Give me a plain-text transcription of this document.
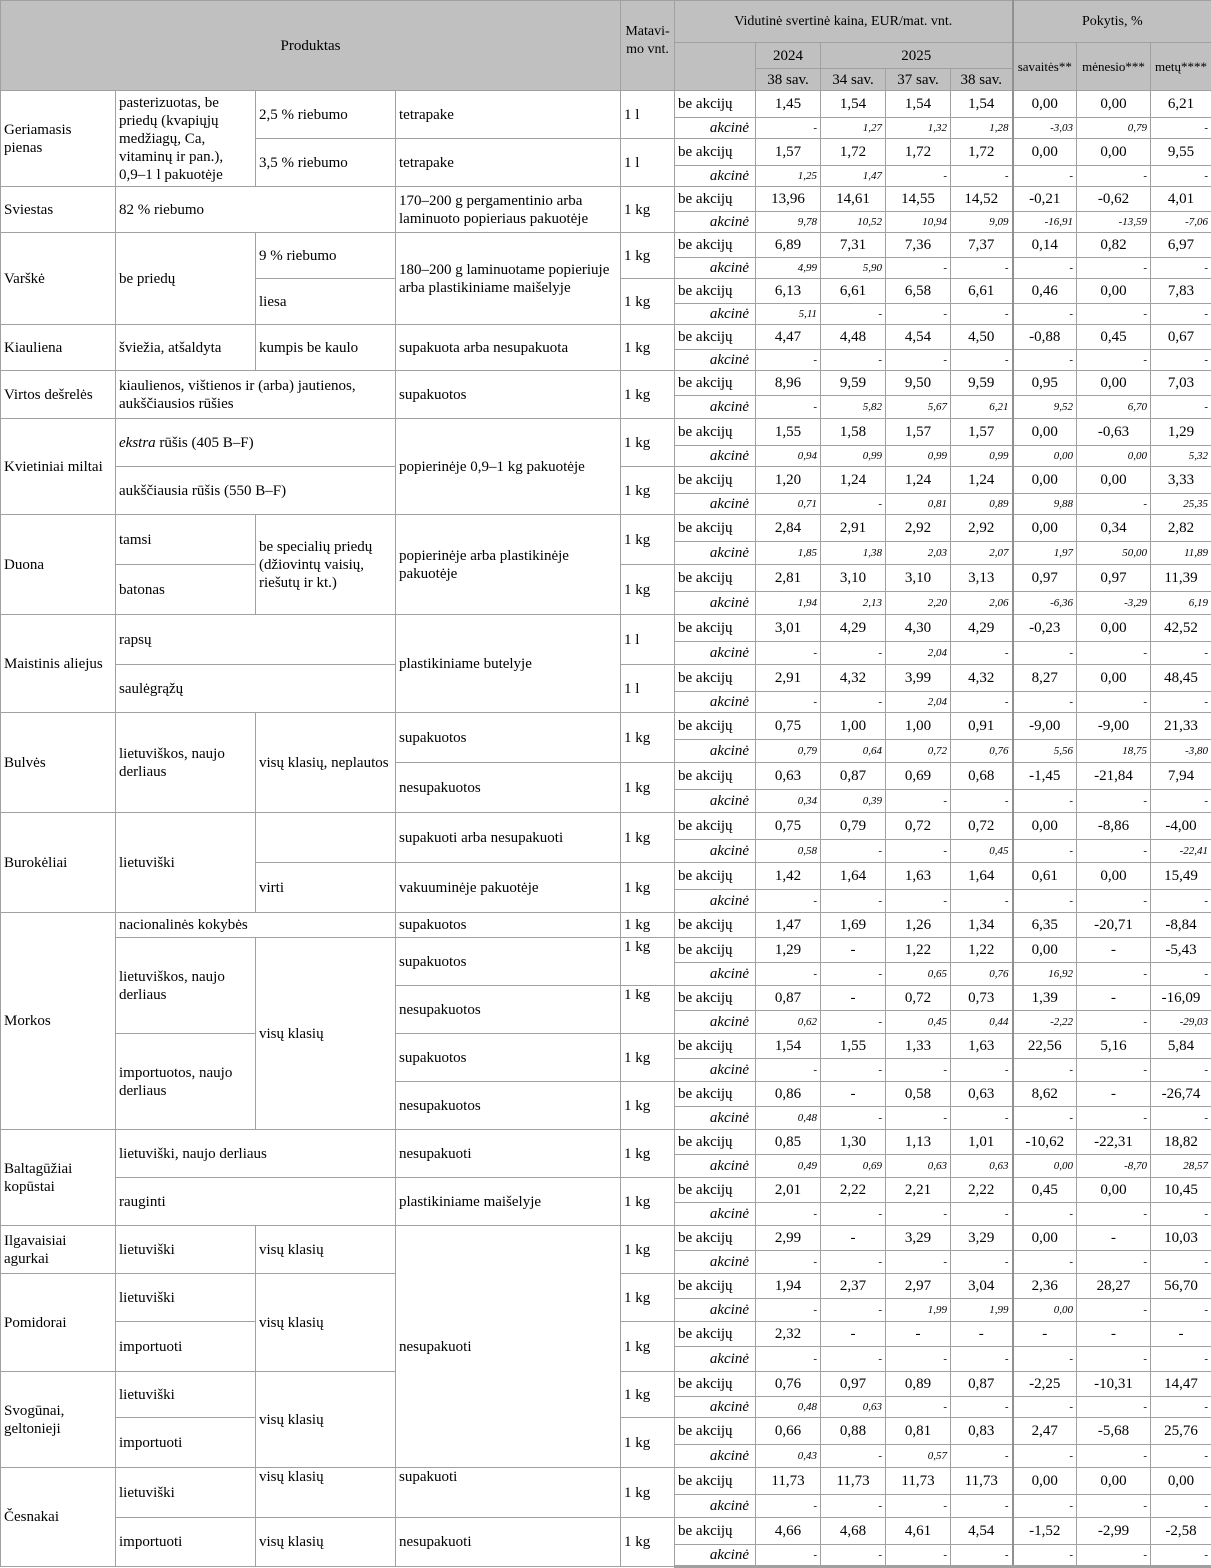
Produktas				Matavi-mo vnt.	Vidutinė svertinė kaina, EUR/mat. vnt.					Pokytis, %		
						2024	2025			savaitės**	mėnesio***	metų****
						38 sav.	34 sav.	37 sav.	38 sav.			
Geriamasis pienas	pasterizuotas, be priedų (kvapiųjų medžiagų, Ca, vitaminų ir pan.), 0,9–1 l pakuotėje	2,5 % riebumo	tetrapake	1 l	be akcijų	1,45	1,54	1,54	1,54	0,00	0,00	6,21
					akcinė	-	1,27	1,32	1,28	-3,03	0,79	-
		3,5 % riebumo	tetrapake	1 l	be akcijų	1,57	1,72	1,72	1,72	0,00	0,00	9,55
					akcinė	1,25	1,47	-	-	-	-	-
Sviestas	82 % riebumo		170–200 g pergamentinio arba laminuoto popieriaus pakuotėje	1 kg	be akcijų	13,96	14,61	14,55	14,52	-0,21	-0,62	4,01
					akcinė	9,78	10,52	10,94	9,09	-16,91	-13,59	-7,06
Varškė	be priedų	9 % riebumo	180–200 g laminuotame popieriuje arba plastikiniame maišelyje	1 kg	be akcijų	6,89	7,31	7,36	7,37	0,14	0,82	6,97
					akcinė	4,99	5,90	-	-	-	-	-
		liesa		1 kg	be akcijų	6,13	6,61	6,58	6,61	0,46	0,00	7,83
					akcinė	5,11	-	-	-	-	-	-
Kiauliena	šviežia, atšaldyta	kumpis be kaulo	supakuota arba nesupakuota	1 kg	be akcijų	4,47	4,48	4,54	4,50	-0,88	0,45	0,67
					akcinė	-	-	-	-	-	-	-
Virtos dešrelės	kiaulienos, vištienos ir (arba) jautienos, aukščiausios rūšies		supakuotos	1 kg	be akcijų	8,96	9,59	9,50	9,59	0,95	0,00	7,03
					akcinė	-	5,82	5,67	6,21	9,52	6,70	-
Kvietiniai miltai	ekstra rūšis (405 B–F)		popierinėje 0,9–1 kg pakuotėje	1 kg	be akcijų	1,55	1,58	1,57	1,57	0,00	-0,63	1,29
					akcinė	0,94	0,99	0,99	0,99	0,00	0,00	5,32
	aukščiausia rūšis (550 B–F)			1 kg	be akcijų	1,20	1,24	1,24	1,24	0,00	0,00	3,33
					akcinė	0,71	-	0,81	0,89	9,88	-	25,35
Duona	tamsi	be specialių priedų (džiovintų vaisių, riešutų ir kt.)	popierinėje arba plastikinėje pakuotėje	1 kg	be akcijų	2,84	2,91	2,92	2,92	0,00	0,34	2,82
					akcinė	1,85	1,38	2,03	2,07	1,97	50,00	11,89
	batonas			1 kg	be akcijų	2,81	3,10	3,10	3,13	0,97	0,97	11,39
					akcinė	1,94	2,13	2,20	2,06	-6,36	-3,29	6,19
Maistinis aliejus	rapsų		plastikiniame butelyje	1 l	be akcijų	3,01	4,29	4,30	4,29	-0,23	0,00	42,52
					akcinė	-	-	2,04	-	-	-	-
	saulėgrąžų			1 l	be akcijų	2,91	4,32	3,99	4,32	8,27	0,00	48,45
					akcinė	-	-	2,04	-	-	-	-
Bulvės	lietuviškos, naujo derliaus	visų klasių, neplautos	supakuotos	1 kg	be akcijų	0,75	1,00	1,00	0,91	-9,00	-9,00	21,33
					akcinė	0,79	0,64	0,72	0,76	5,56	18,75	-3,80
			nesupakuotos	1 kg	be akcijų	0,63	0,87	0,69	0,68	-1,45	-21,84	7,94
					akcinė	0,34	0,39	-	-	-	-	-
Burokėliai	lietuviški		supakuoti arba nesupakuoti	1 kg	be akcijų	0,75	0,79	0,72	0,72	0,00	-8,86	-4,00
					akcinė	0,58	-	-	0,45	-	-	-22,41
		virti	vakuuminėje pakuotėje	1 kg	be akcijų	1,42	1,64	1,63	1,64	0,61	0,00	15,49
					akcinė	-	-	-	-	-	-	-
Morkos	nacionalinės kokybės		supakuotos	1 kg	be akcijų	1,47	1,69	1,26	1,34	6,35	-20,71	-8,84
	lietuviškos, naujo derliaus	visų klasių	supakuotos	1 kg	be akcijų	1,29	-	1,22	1,22	0,00	-	-5,43
					akcinė	-	-	0,65	0,76	16,92	-	-
			nesupakuotos	1 kg	be akcijų	0,87	-	0,72	0,73	1,39	-	-16,09
					akcinė	0,62	-	0,45	0,44	-2,22	-	-29,03
	importuotos, naujo derliaus		supakuotos	1 kg	be akcijų	1,54	1,55	1,33	1,63	22,56	5,16	5,84
					akcinė	-	-	-	-	-	-	-
			nesupakuotos	1 kg	be akcijų	0,86	-	0,58	0,63	8,62	-	-26,74
					akcinė	0,48	-	-	-	-	-	-
Baltagūžiai kopūstai	lietuviški, naujo derliaus		nesupakuoti	1 kg	be akcijų	0,85	1,30	1,13	1,01	-10,62	-22,31	18,82
					akcinė	0,49	0,69	0,63	0,63	0,00	-8,70	28,57
	rauginti		plastikiniame maišelyje	1 kg	be akcijų	2,01	2,22	2,21	2,22	0,45	0,00	10,45
					akcinė	-	-	-	-	-	-	-
Ilgavaisiai agurkai	lietuviški	visų klasių	nesupakuoti	1 kg	be akcijų	2,99	-	3,29	3,29	0,00	-	10,03
					akcinė	-	-	-	-	-	-	-
Pomidorai	lietuviški	visų klasių		1 kg	be akcijų	1,94	2,37	2,97	3,04	2,36	28,27	56,70
					akcinė	-	-	1,99	1,99	0,00	-	-
	importuoti			1 kg	be akcijų	2,32	-	-	-	-	-	-
					akcinė	-	-	-	-	-	-	-
Svogūnai, geltonieji	lietuviški	visų klasių		1 kg	be akcijų	0,76	0,97	0,89	0,87	-2,25	-10,31	14,47
					akcinė	0,48	0,63	-	-	-	-	-
	importuoti			1 kg	be akcijų	0,66	0,88	0,81	0,83	2,47	-5,68	25,76
					akcinė	0,43	-	0,57	-	-	-	-
Česnakai	lietuviški	visų klasių	supakuoti	1 kg	be akcijų	11,73	11,73	11,73	11,73	0,00	0,00	0,00
					akcinė	-	-	-	-	-	-	-
	importuoti	visų klasių	nesupakuoti	1 kg	be akcijų	4,66	4,68	4,61	4,54	-1,52	-2,99	-2,58
					akcinė	-	-	-	-	-	-	-
